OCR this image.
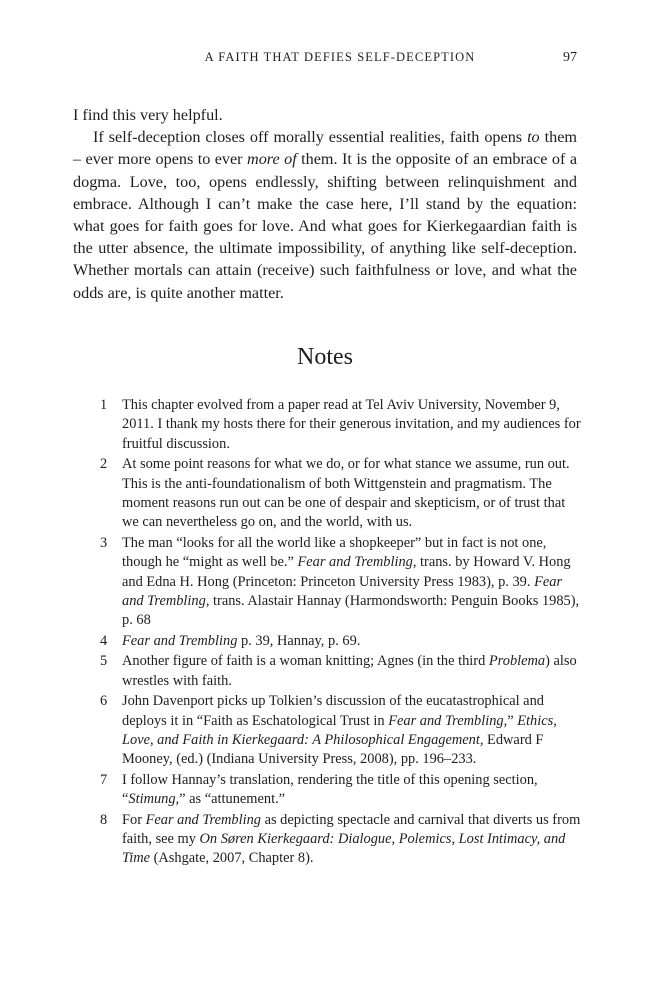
A FAITH THAT DEFIES SELF-DECEPTION	97

I find this very helpful.

If self-deception closes off morally essential realities, faith opens to them – ever more opens to ever more of them. It is the opposite of an embrace of a dogma. Love, too, opens endlessly, shifting between relinquishment and embrace. Although I can’t make the case here, I’ll stand by the equation: what goes for faith goes for love. And what goes for Kierkegaardian faith is the utter absence, the ultimate impossibility, of anything like self-deception. Whether mortals can attain (receive) such faithfulness or love, and what the odds are, is quite another matter.

Notes
1	This chapter evolved from a paper read at Tel Aviv University, November 9, 2011. I thank my hosts there for their generous invitation, and my audiences for fruitful discussion.
2	At some point reasons for what we do, or for what stance we assume, run out. This is the anti-foundationalism of both Wittgenstein and pragmatism. The moment reasons run out can be one of despair and skepticism, or of trust that we can nevertheless go on, and the world, with us.
3	The man “looks for all the world like a shopkeeper” but in fact is not one, though he “might as well be.” Fear and Trembling, trans. by Howard V. Hong and Edna H. Hong (Princeton: Princeton University Press 1983), p. 39. Fear and Trembling, trans. Alastair Hannay (Harmondsworth: Penguin Books 1985), p. 68
4	Fear and Trembling p. 39, Hannay, p. 69.
5	Another figure of faith is a woman knitting; Agnes (in the third Problema) also wrestles with faith.
6	John Davenport picks up Tolkien’s discussion of the eucatastrophical and deploys it in “Faith as Eschatological Trust in Fear and Trembling,” Ethics, Love, and Faith in Kierkegaard: A Philosophical Engagement, Edward F Mooney, (ed.) (Indiana University Press, 2008), pp. 196–233.
7	I follow Hannay’s translation, rendering the title of this opening section, “Stimung,” as “attunement.”
8	For Fear and Trembling as depicting spectacle and carnival that diverts us from faith, see my On Søren Kierkegaard: Dialogue, Polemics, Lost Intimacy, and Time (Ashgate, 2007, Chapter 8).
